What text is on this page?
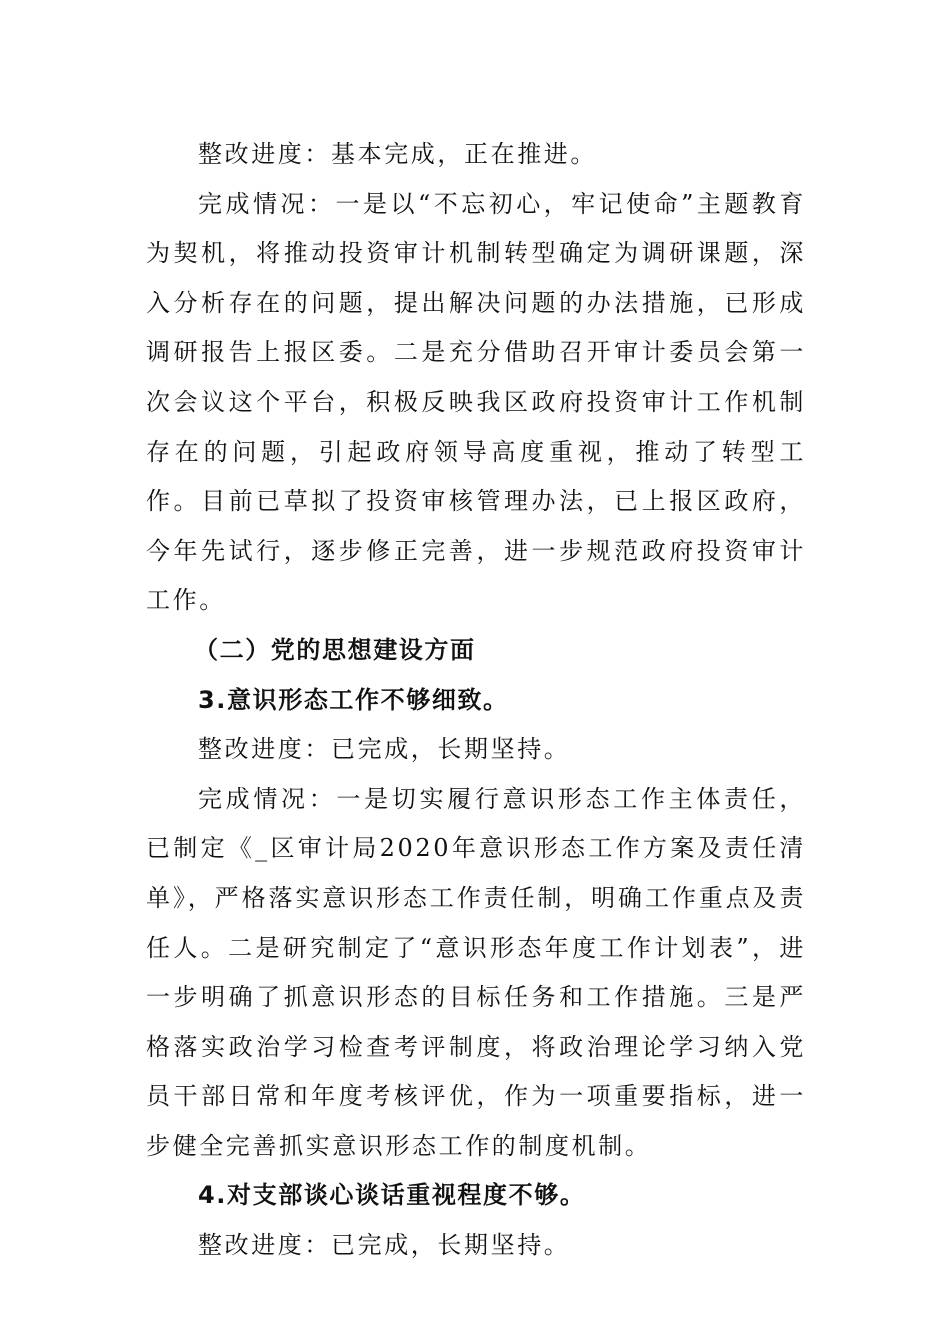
整改进度：基本完成，正在推进。

完成情况：一是以“不忘初心，牢记使命”主题教育为契机，将推动投资审计机制转型确定为调研课题，深入分析存在的问题，提出解决问题的办法措施，已形成调研报告上报区委。二是充分借助召开审计委员会第一次会议这个平台，积极反映我区政府投资审计工作机制存在的问题，引起政府领导高度重视，推动了转型工作。目前已草拟了投资审核管理办法，已上报区政府，今年先试行，逐步修正完善，进一步规范政府投资审计工作。

（二）党的思想建设方面

3.意识形态工作不够细致。

整改进度：已完成，长期坚持。

完成情况：一是切实履行意识形态工作主体责任，已制定《_区审计局2020年意识形态工作方案及责任清单》，严格落实意识形态工作责任制，明确工作重点及责任人。二是研究制定了“意识形态年度工作计划表”，进一步明确了抓意识形态的目标任务和工作措施。三是严格落实政治学习检查考评制度，将政治理论学习纳入党员干部日常和年度考核评优，作为一项重要指标，进一步健全完善抓实意识形态工作的制度机制。

4.对支部谈心谈话重视程度不够。

整改进度：已完成，长期坚持。
